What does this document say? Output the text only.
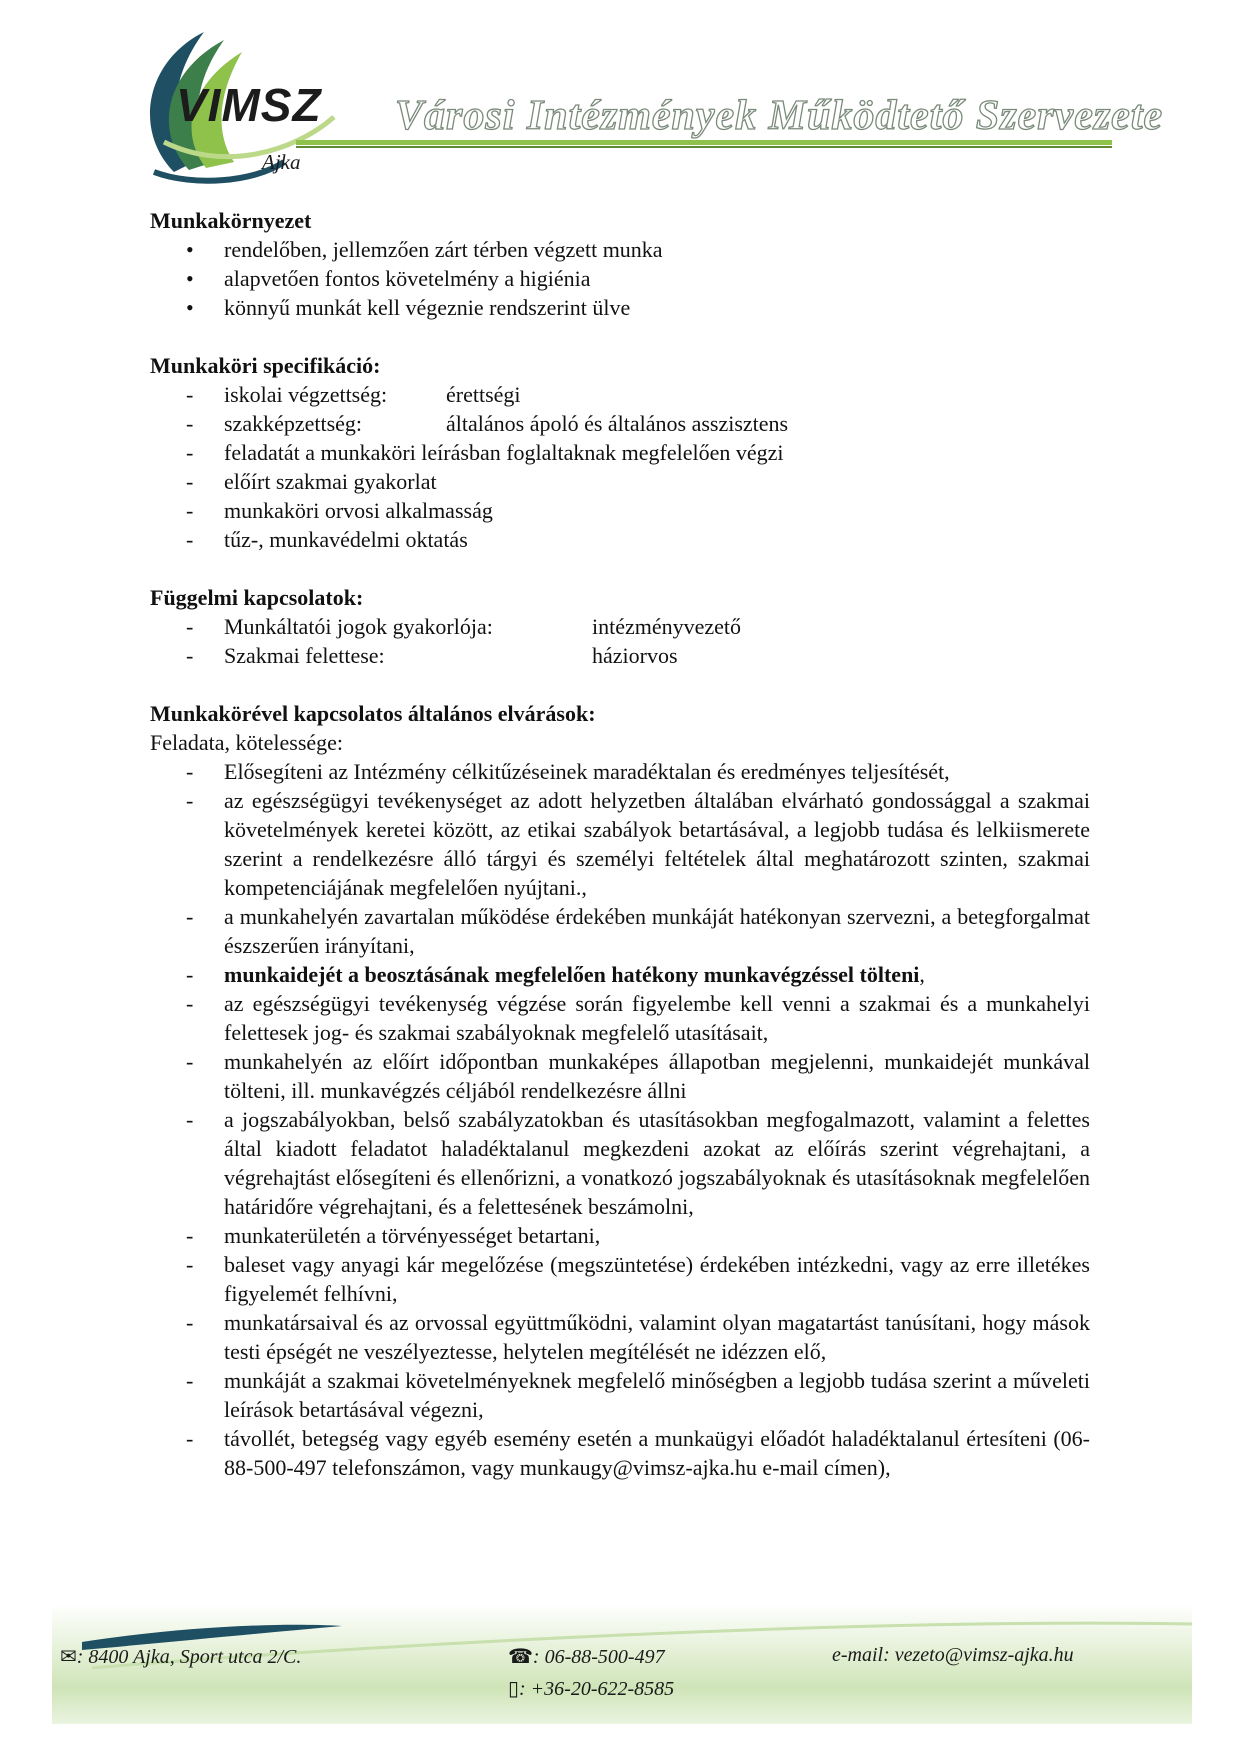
VIMSZ
Ajka
Városi Intézmények Működtető Szervezete

Munkakörnyezet

• rendelőben, jellemzően zárt térben végzett munka
• alapvetően fontos követelmény a higiénia
• könnyű munkát kell végeznie rendszerint ülve

Munkaköri specifikáció:

- iskolai végzettség:	érettségi
- szakképzettség:	általános ápoló és általános asszisztens
- feladatát a munkaköri leírásban foglaltaknak megfelelően végzi
- előírt szakmai gyakorlat
- munkaköri orvosi alkalmasság
- tűz-, munkavédelmi oktatás

Függelmi kapcsolatok:

- Munkáltatói jogok gyakorlója:	intézményvezető
- Szakmai felettese:	háziorvos

Munkakörével kapcsolatos általános elvárások:

Feladata, kötelessége:

- Elősegíteni az Intézmény célkitűzéseinek maradéktalan és eredményes teljesítését,
- az egészségügyi tevékenységet az adott helyzetben általában elvárható gondossággal a szakmai követelmények keretei között, az etikai szabályok betartásával, a legjobb tudása és lelkiismerete szerint a rendelkezésre álló tárgyi és személyi feltételek által meghatározott szinten, szakmai kompetenciájának megfelelően nyújtani.,
- a munkahelyén zavartalan működése érdekében munkáját hatékonyan szervezni, a betegforgalmat észszerűen irányítani,
- munkaidejét a beosztásának megfelelően hatékony munkavégzéssel tölteni,
- az egészségügyi tevékenység végzése során figyelembe kell venni a szakmai és a munkahelyi felettesek jog- és szakmai szabályoknak megfelelő utasításait,
- munkahelyén az előírt időpontban munkaképes állapotban megjelenni, munkaidejét munkával tölteni, ill. munkavégzés céljából rendelkezésre állni
- a jogszabályokban, belső szabályzatokban és utasításokban megfogalmazott, valamint a felettes által kiadott feladatot haladéktalanul megkezdeni azokat az előírás szerint végrehajtani, a végrehajtást elősegíteni és ellenőrizni, a vonatkozó jogszabályoknak és utasításoknak megfelelően határidőre végrehajtani, és a felettesének beszámolni,
- munkaterületén a törvényességet betartani,
- baleset vagy anyagi kár megelőzése (megszüntetése) érdekében intézkedni, vagy az erre illetékes figyelemét felhívni,
- munkatársaival és az orvossal együttműködni, valamint olyan magatartást tanúsítani, hogy mások testi épségét ne veszélyeztesse, helytelen megítélését ne idézzen elő,
- munkáját a szakmai követelményeknek megfelelő minőségben a legjobb tudása szerint a műveleti leírások betartásával végezni,
- távollét, betegség vagy egyéb esemény esetén a munkaügyi előadót haladéktalanul értesíteni (06-88-500-497 telefonszámon, vagy munkaugy@vimsz-ajka.hu e-mail címen),
✉: 8400 Ajka, Sport utca 2/C.	☎: 06-88-500-497
▯: +36-20-622-8585
e-mail: vezeto@vimsz-ajka.hu
